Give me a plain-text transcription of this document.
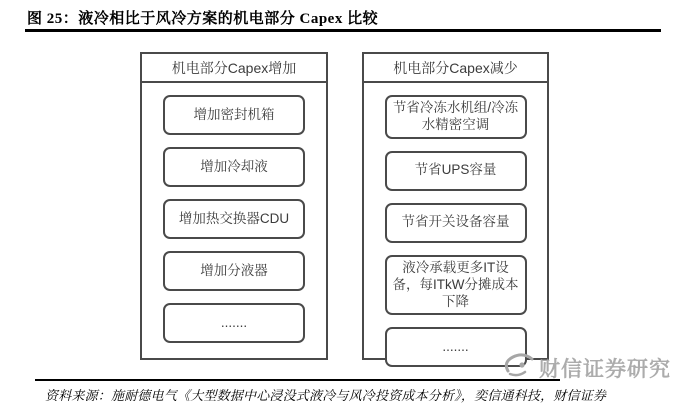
图 25：液冷相比于风冷方案的机电部分 Capex 比较
机电部分Capex增加
增加密封机箱
增加冷却液
增加热交换器CDU
增加分液器
.......
机电部分Capex减少
节省冷冻水机组/冷冻水精密空调
节省UPS容量
节省开关设备容量
液冷承载更多IT设备，每ITkW分摊成本下降
.......
资料来源：施耐德电气《大型数据中心浸没式液冷与风冷投资成本分析》，奕信通科技，财信证券
财信证券研究
